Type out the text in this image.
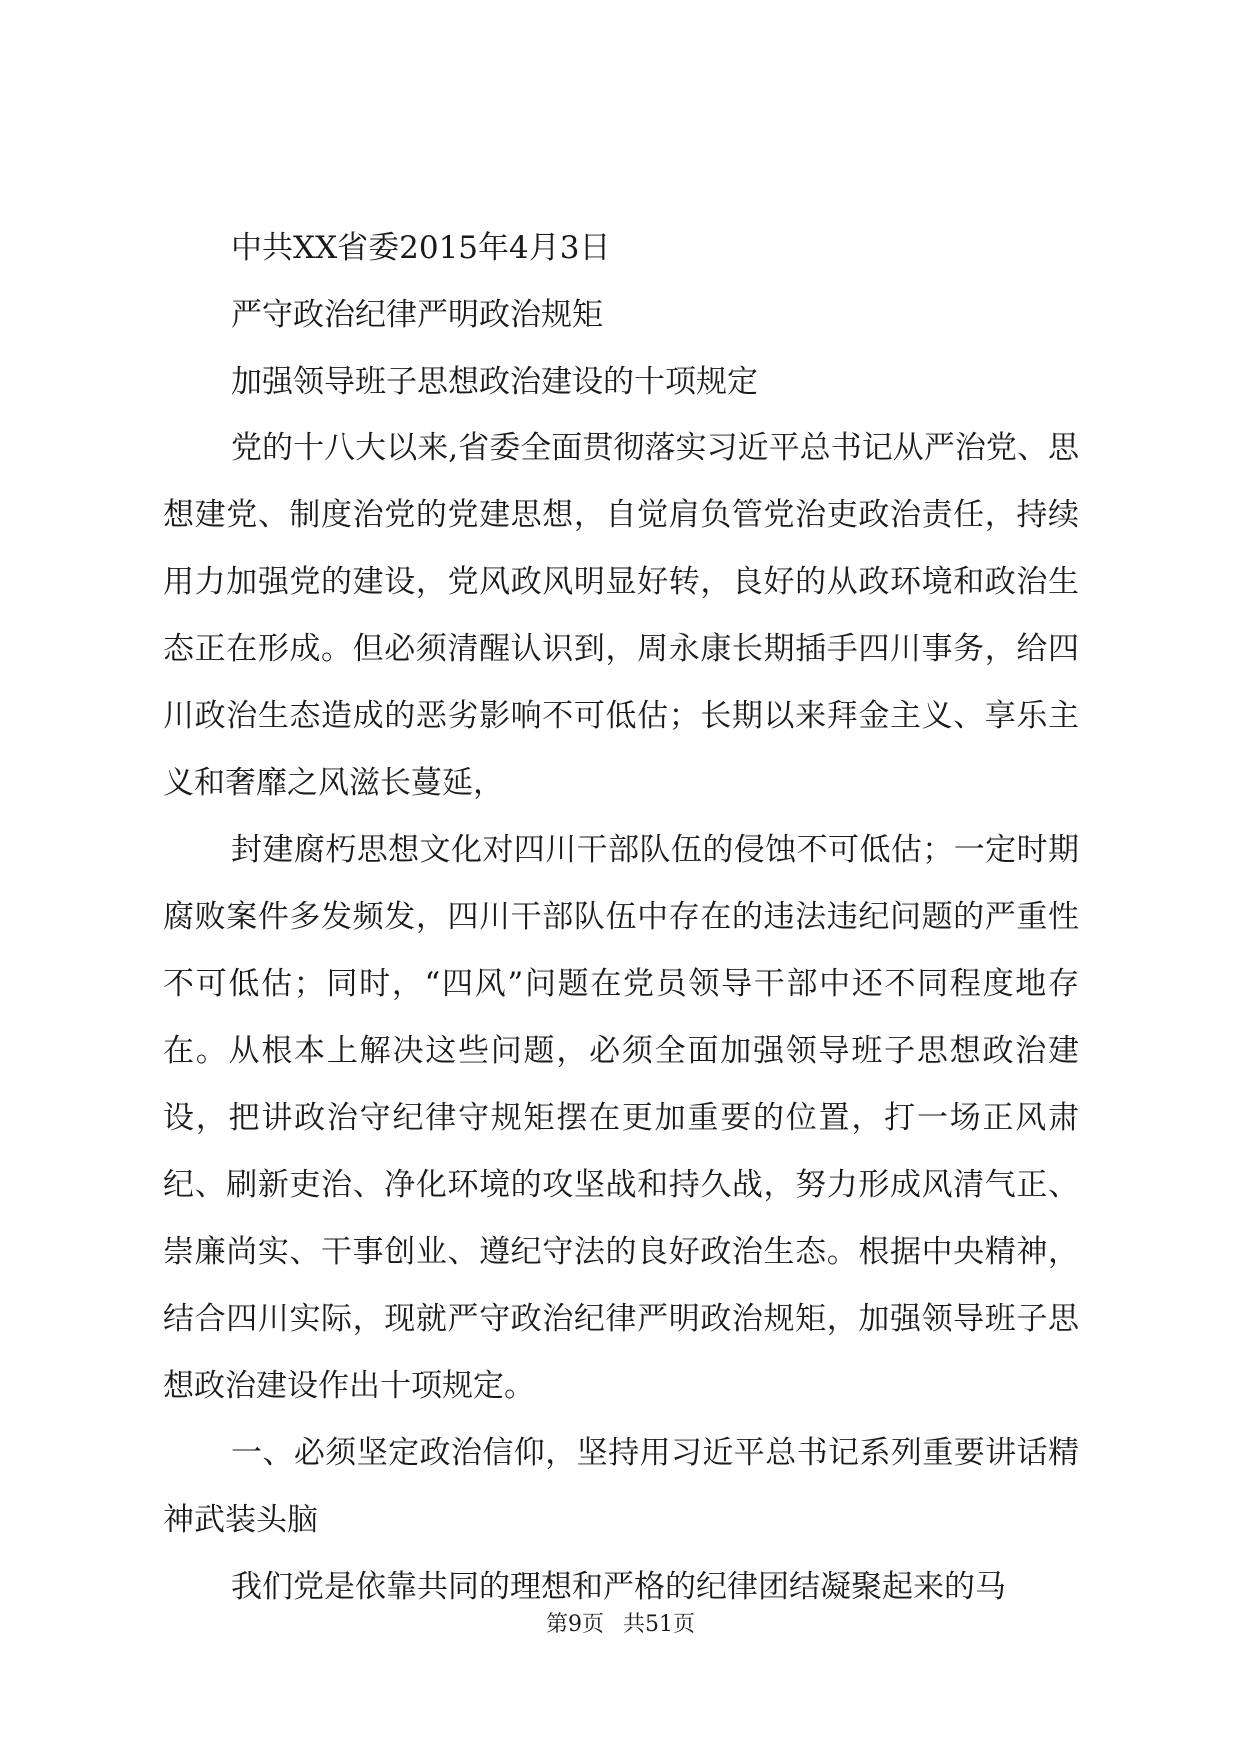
中共XX省委2015年4月3日
严守政治纪律严明政治规矩
加强领导班子思想政治建设的十项规定

党的十八大以来,省委全面贯彻落实习近平总书记从严治党、思想建党、制度治党的党建思想，自觉肩负管党治吏政治责任，持续用力加强党的建设，党风政风明显好转，良好的从政环境和政治生态正在形成。但必须清醒认识到，周永康长期插手四川事务，给四川政治生态造成的恶劣影响不可低估；长期以来拜金主义、享乐主义和奢靡之风滋长蔓延，

封建腐朽思想文化对四川干部队伍的侵蚀不可低估；一定时期腐败案件多发频发，四川干部队伍中存在的违法违纪问题的严重性不可低估；同时，“四风”问题在党员领导干部中还不同程度地存在。从根本上解决这些问题，必须全面加强领导班子思想政治建设，把讲政治守纪律守规矩摆在更加重要的位置，打一场正风肃纪、刷新吏治、净化环境的攻坚战和持久战，努力形成风清气正、崇廉尚实、干事创业、遵纪守法的良好政治生态。根据中央精神，结合四川实际，现就严守政治纪律严明政治规矩，加强领导班子思想政治建设作出十项规定。

一、必须坚定政治信仰，坚持用习近平总书记系列重要讲话精神武装头脑

我们党是依靠共同的理想和严格的纪律团结凝聚起来的马

第9页 共51页
